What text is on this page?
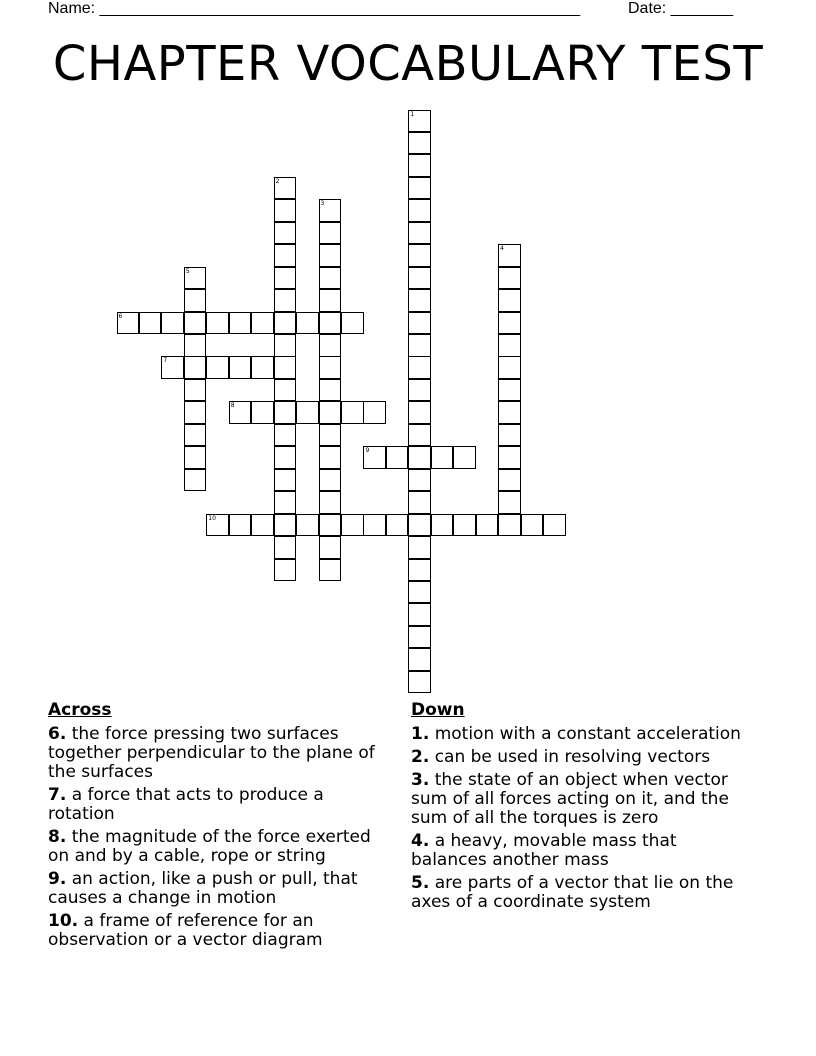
Name: ______________________________________________________	Date: _______
CHAPTER VOCABULARY TEST
1
2
3
4
5
6
7
8
9
10
Across
6. the force pressing two surfaces together perpendicular to the plane of the surfaces
7. a force that acts to produce a rotation
8. the magnitude of the force exerted on and by a cable, rope or string
9. an action, like a push or pull, that causes a change in motion
10. a frame of reference for an observation or a vector diagram
Down
1. motion with a constant acceleration
2. can be used in resolving vectors
3. the state of an object when vector sum of all forces acting on it, and the sum of all the torques is zero
4. a heavy, movable mass that balances another mass
5. are parts of a vector that lie on the axes of a coordinate system
